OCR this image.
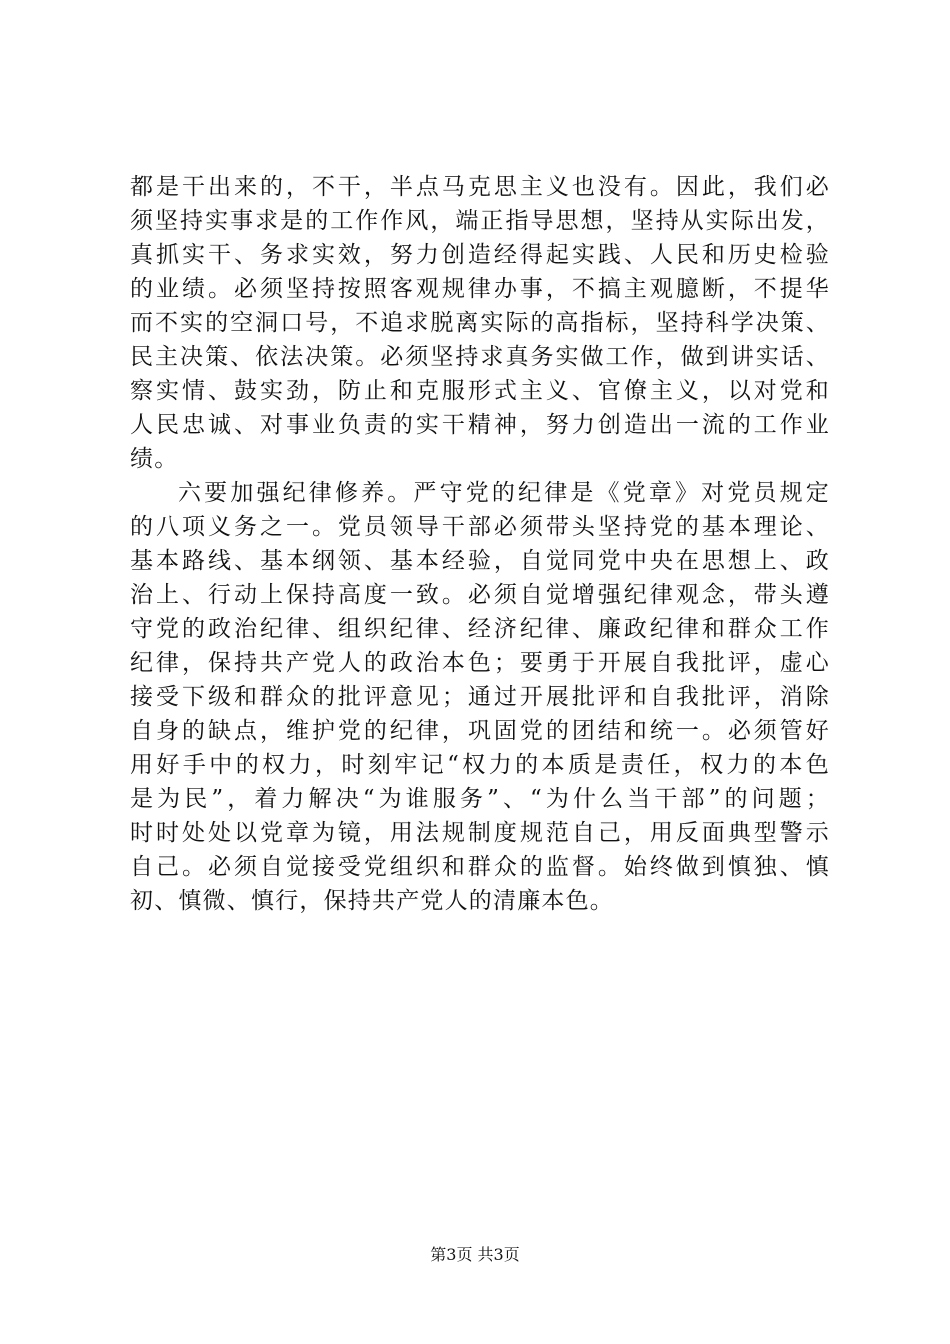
都是干出来的，不干，半点马克思主义也没有。因此，我们必
须坚持实事求是的工作作风，端正指导思想，坚持从实际出发，
真抓实干、务求实效，努力创造经得起实践、人民和历史检验
的业绩。必须坚持按照客观规律办事，不搞主观臆断，不提华
而不实的空洞口号，不追求脱离实际的高指标，坚持科学决策、
民主决策、依法决策。必须坚持求真务实做工作，做到讲实话、
察实情、鼓实劲，防止和克服形式主义、官僚主义，以对党和
人民忠诚、对事业负责的实干精神，努力创造出一流的工作业
绩。
六要加强纪律修养。严守党的纪律是《党章》对党员规定
的八项义务之一。党员领导干部必须带头坚持党的基本理论、
基本路线、基本纲领、基本经验，自觉同党中央在思想上、政
治上、行动上保持高度一致。必须自觉增强纪律观念，带头遵
守党的政治纪律、组织纪律、经济纪律、廉政纪律和群众工作
纪律，保持共产党人的政治本色；要勇于开展自我批评，虚心
接受下级和群众的批评意见；通过开展批评和自我批评，消除
自身的缺点，维护党的纪律，巩固党的团结和统一。必须管好
用好手中的权力，时刻牢记“权力的本质是责任，权力的本色
是为民”，着力解决“为谁服务”、“为什么当干部”的问题；
时时处处以党章为镜，用法规制度规范自己，用反面典型警示
自己。必须自觉接受党组织和群众的监督。始终做到慎独、慎
初、慎微、慎行，保持共产党人的清廉本色。
第3页 共3页
